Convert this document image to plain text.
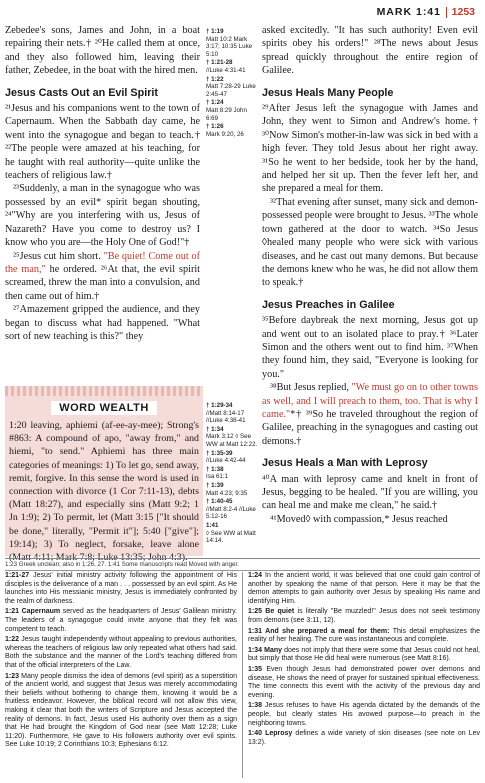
MARK 1:41 1253

Zebedee's sons, James and John, in a boat repairing their nets.† ²⁰He called them at once, and they also followed him, leaving their father, Zebedee, in the boat with the hired men.

Jesus Casts Out an Evil Spirit

²¹Jesus and his companions went to the town of Capernaum. When the Sabbath day came, he went into the synagogue and began to teach.† ²²The people were amazed at his teaching, for he taught with real authority—quite unlike the teachers of religious law.†

²³Suddenly, a man in the synagogue who was possessed by an evil* spirit began shouting, ²⁴"Why are you interfering with us, Jesus of Nazareth? Have you come to destroy us? I know who you are—the Holy One of God!"†

²⁵Jesus cut him short. "Be quiet! Come out of the man," he ordered. ²⁶At that, the evil spirit screamed, threw the man into a convulsion, and then came out of him.†

²⁷Amazement gripped the audience, and they began to discuss what had happened. "What sort of new teaching is this?" they

† 1:19
Matt 10:2 Mark 3:17; 10:35 Luke 5:10
† 1:21-28
//Luke 4:31-41
† 1:22
Matt 7:28-29 Luke 2:45-47
† 1:24
Matt 8:29 John 6:69
† 1:26
Mark 9:20, 26
† 1:29-34
//Matt 8:14-17 //Luke 4:38-41
† 1:34
Mark 3:12 ◊ See WW at Matt 12:22.
† 1:35-39
//Luke 4:42-44
† 1:38
Isa 61:1
† 1:39
Matt 4:23; 9:35
† 1:40-45
//Matt 8:2-4 //Luke 5:12-16
1:41
◊ See WW at Matt 14:14.
WORD WEALTH
1:20 leaving, aphiemi (af-ee-ay-mee); Strong's #863: A compound of apo, "away from," and hiemi, "to send." Aphiemi has three main categories of meanings: 1) To let go, send away, remit, forgive. In this sense the word is used in connection with divorce (1 Cor 7:11-13), debts (Matt 18:27), and especially sins (Matt 9:2; 1 Jn 1:9); 2) To permit, let (Matt 3:15 ["It should be done," literally, "Permit it"]; 5:40 ["give"]; 19:14); 3) To neglect, forsake, leave alone (Matt 4:11; Mark 7:8; Luke 13:35; John 4:3).

asked excitedly. "It has such authority! Even evil spirits obey his orders!" ²⁸The news about Jesus spread quickly throughout the entire region of Galilee.

Jesus Heals Many People

²⁹After Jesus left the synagogue with James and John, they went to Simon and Andrew's home.† ³⁰Now Simon's mother-in-law was sick in bed with a high fever. They told Jesus about her right away. ³¹So he went to her bedside, took her by the hand, and helped her sit up. Then the fever left her, and she prepared a meal for them.

³²That evening after sunset, many sick and demon-possessed people were brought to Jesus. ³³The whole town gathered at the door to watch. ³⁴So Jesus ◊healed many people who were sick with various diseases, and he cast out many demons. But because the demons knew who he was, he did not allow them to speak.†

Jesus Preaches in Galilee

³⁵Before daybreak the next morning, Jesus got up and went out to an isolated place to pray.† ³⁶Later Simon and the others went out to find him. ³⁷When they found him, they said, "Everyone is looking for you."

³⁸But Jesus replied, "We must go on to other towns as well, and I will preach to them, too. That is why I came."*† ³⁹So he traveled throughout the region of Galilee, preaching in the synagogues and casting out demons.†

Jesus Heals a Man with Leprosy

⁴⁰A man with leprosy came and knelt in front of Jesus, begging to be healed. "If you are willing, you can heal me and make me clean," he said.†

⁴¹Moved◊ with compassion,* Jesus reached

1:23 Greek unclean; also in 1:26, 27. 1:41 Some manuscripts read Moved with anger.
1:21-27 Jesus' initial ministry activity following the appointment of His disciples is the deliverance of a man . . . possessed by an evil spirit. As He launches into His messianic ministry, Jesus is immediately confronted by the realm of darkness.
1:21 Capernaum served as the headquarters of Jesus' Galilean ministry. The leaders of a synagogue could invite anyone that they felt was competent to teach.
1:22 Jesus taught independently without appealing to previous authorities, whereas the teachers of religious law only repeated what others had said. Both the substance and the manner of the Lord's teaching differed from that of the official interpreters of the Law.
1:23 Many people dismiss the idea of demons (evil spirit) as a superstition of the ancient world, and suggest that Jesus was merely accommodating their beliefs without bothering to change them, knowing it would be a fruitless endeavor. However, the biblical record will not allow this view, making it clear that both the writers of Scripture and Jesus accepted the reality of demons. In fact, Jesus used His authority over them as a sign that He had brought the Kingdom of God near (see Matt 12:28; Luke 11:20). Furthermore, He gave to His followers authority over evil spirits. See Luke 10:19; 2 Corinthians 10:3; Ephesians 6:12.
1:24 In the ancient world, it was believed that one could gain control of another by speaking the name of that person. Here it may be that the demon attempts to gain authority over Jesus by speaking His name and identifying Him.
1:25 Be quiet is literally "Be muzzled!" Jesus does not seek testimony from demons (see 3:11, 12).
1:31 And she prepared a meal for them: This detail emphasizes the reality of her healing. The cure was instantaneous and complete.
1:34 Many does not imply that there were some that Jesus could not heal, but simply that those He did heal were numerous (see Matt 8:16).
1:35 Even though Jesus had demonstrated power over demons and disease, He shows the need of prayer for sustained spiritual effectiveness. The time connects this event with the activity of the previous day and evening.
1:38 Jesus refuses to have His agenda dictated by the demands of the people, but clearly states His avowed purpose—to preach in the neighboring towns.
1:40 Leprosy defines a wide variety of skin diseases (see note on Lev 13:2).
